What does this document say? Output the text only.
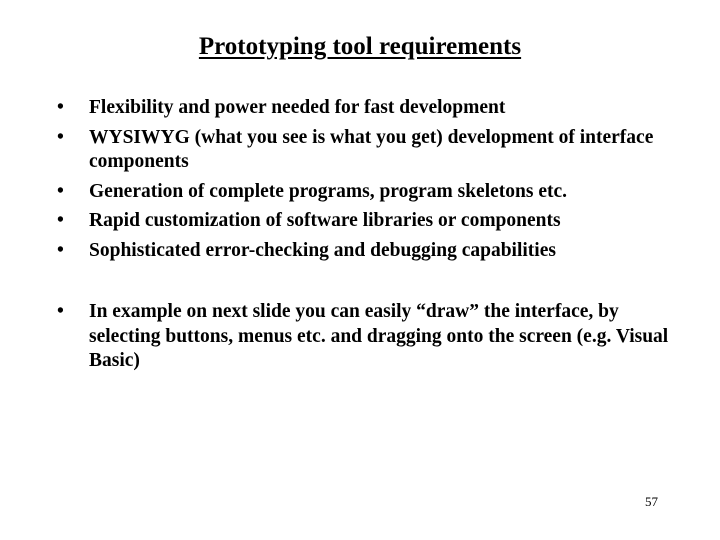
Prototyping tool requirements
• Flexibility and power needed for fast development
• WYSIWYG (what you see is what you get) development of interface components
• Generation of complete programs, program skeletons etc.
• Rapid customization of software libraries or components
• Sophisticated error-checking and debugging capabilities
• In example on next slide you can easily “draw” the interface, by selecting buttons, menus etc. and dragging onto the screen (e.g. Visual Basic)
57
